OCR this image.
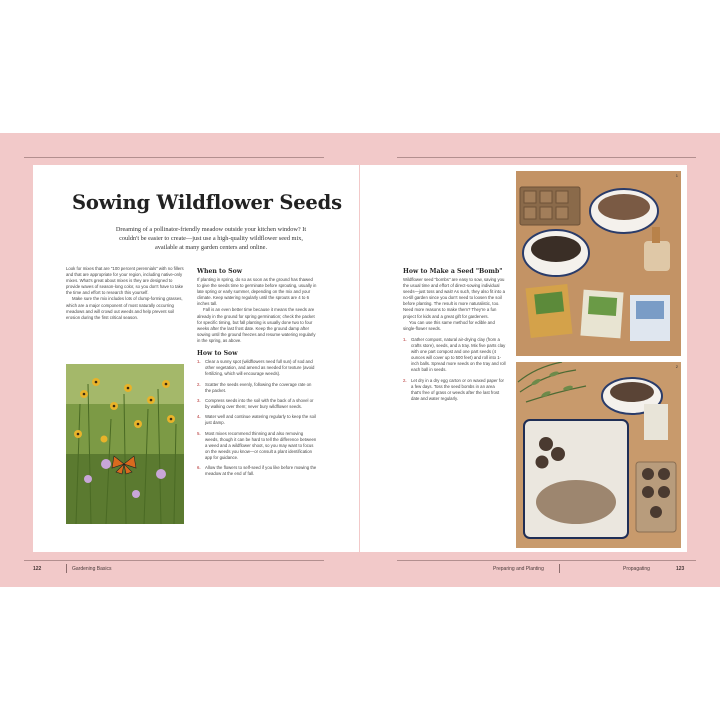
Sowing Wildflower Seeds

Dreaming of a pollinator-friendly meadow outside your kitchen window? It couldn't be easier to create—just use a high-quality wildflower seed mix, available at many garden centers and online.

Look for mixes that are "100 percent perennials" with no fillers and that are appropriate for your region, including native-only mixes. What's great about mixes is they are designed to provide waves of season-long color, so you don't have to take the time and effort to research this yourself.

Make sure the mix includes lots of clump-forming grasses, which are a major component of most naturally occurring meadows and will crowd out weeds and help prevent soil erosion during the first critical season.

When to Sow

If planting in spring, do so as soon as the ground has thawed to give the seeds time to germinate before sprouting, usually in late spring or early summer, depending on the mix and your climate. Keep watering regularly until the sprouts are 4 to 6 inches tall.

Fall is an even better time because it means the seeds are already in the ground for spring germination; check the packet for specific timing, but fall planting is usually done two to four weeks after the last frost date. Keep the ground damp after sowing until the ground freezes and resume watering regularly in the spring, as above.

How to Sow
1. Clear a sunny spot (wildflowers need full sun) of sod and other vegetation, and amend as needed for texture (avoid fertilizing, which will encourage weeds).
2. Scatter the seeds evenly, following the coverage rate on the packet.
3. Compress seeds into the soil with the back of a shovel or by walking over them; never bury wildflower seeds.
4. Water well and continue watering regularly to keep the soil just damp.
5. Most mixes recommend thinning and also removing weeds, though it can be hard to tell the difference between a weed and a wildflower shoot, so you may want to focus on the weeds you know—or consult a plant identification app for guidance.
6. Allow the flowers to self-seed if you like before mowing the meadow at the end of fall.
How to Make a Seed "Bomb"

Wildflower seed "bombs" are easy to sow, saving you the usual time and effort of direct-sowing individual seeds—just toss and wait! As such, they also fit into a no-till garden since you don't need to loosen the soil before planting. The result is more naturalistic, too. Need more reasons to make them? They're a fun project for kids and a great gift for gardeners.

You can use this same method for edible and single-flower seeds.

1. Gather compost, natural air-drying clay (from a crafts store), seeds, and a tray. Mix five parts clay with one part compost and one part seeds (4 ounces will cover up to 500 feet) and roll into 1-inch balls. Spread more seeds on the tray and roll each ball in seeds.
2. Let dry in a dry egg carton or on waxed paper for a few days. Toss the seed bombs in an area that's free of grass or weeds after the last frost date and water regularly.
1
2
122	Gardening Basics	Preparing and Planting	Propagating	123
